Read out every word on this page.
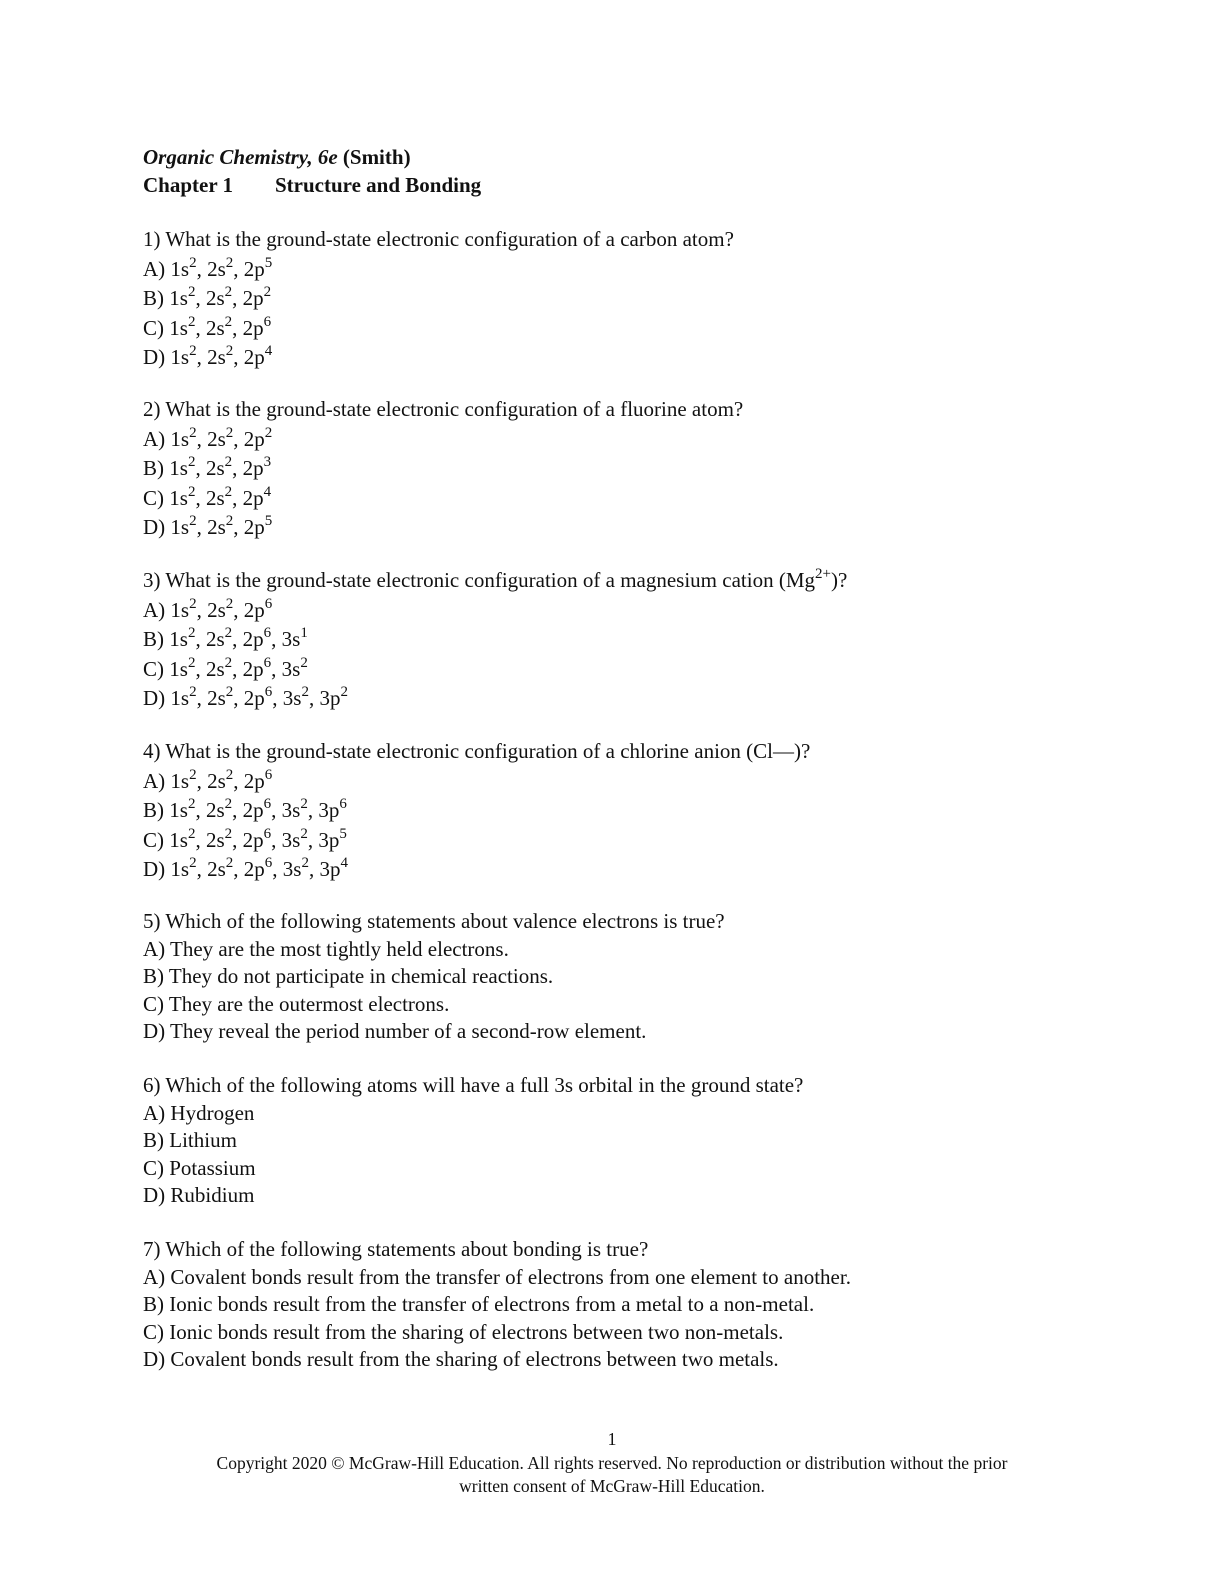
Organic Chemistry, 6e (Smith)
Chapter 1	Structure and Bonding
1) What is the ground-state electronic configuration of a carbon atom?
A) $1s^2$, $2s^2$, $2p^5$
B) $1s^2$, $2s^2$, $2p^2$
C) $1s^2$, $2s^2$, $2p^6$
D) $1s^2$, $2s^2$, $2p^4$
2) What is the ground-state electronic configuration of a fluorine atom?
A) $1s^2$, $2s^2$, $2p^2$
B) $1s^2$, $2s^2$, $2p^3$
C) $1s^2$, $2s^2$, $2p^4$
D) $1s^2$, $2s^2$, $2p^5$
3) What is the ground-state electronic configuration of a magnesium cation $(Mg^{2+})$?
A) $1s^2$, $2s^2$, $2p^6$
B) $1s^2$, $2s^2$, $2p^6$, $3s^1$
C) $1s^2$, $2s^2$, $2p^6$, $3s^2$
D) $1s^2$, $2s^2$, $2p^6$, $3s^2$, $3p^2$
4) What is the ground-state electronic configuration of a chlorine anion (Cl—)?
A) $1s^2$, $2s^2$, $2p^6$
B) $1s^2$, $2s^2$, $2p^6$, $3s^2$, $3p^6$
C) $1s^2$, $2s^2$, $2p^6$, $3s^2$, $3p^5$
D) $1s^2$, $2s^2$, $2p^6$, $3s^2$, $3p^4$
5) Which of the following statements about valence electrons is true?
A) They are the most tightly held electrons.
B) They do not participate in chemical reactions.
C) They are the outermost electrons.
D) They reveal the period number of a second-row element.
6) Which of the following atoms will have a full 3s orbital in the ground state?
A) Hydrogen
B) Lithium
C) Potassium
D) Rubidium
7) Which of the following statements about bonding is true?
A) Covalent bonds result from the transfer of electrons from one element to another.
B) Ionic bonds result from the transfer of electrons from a metal to a non-metal.
C) Ionic bonds result from the sharing of electrons between two non-metals.
D) Covalent bonds result from the sharing of electrons between two metals.
1
Copyright 2020 © McGraw-Hill Education. All rights reserved. No reproduction or distribution without the prior
written consent of McGraw-Hill Education.
